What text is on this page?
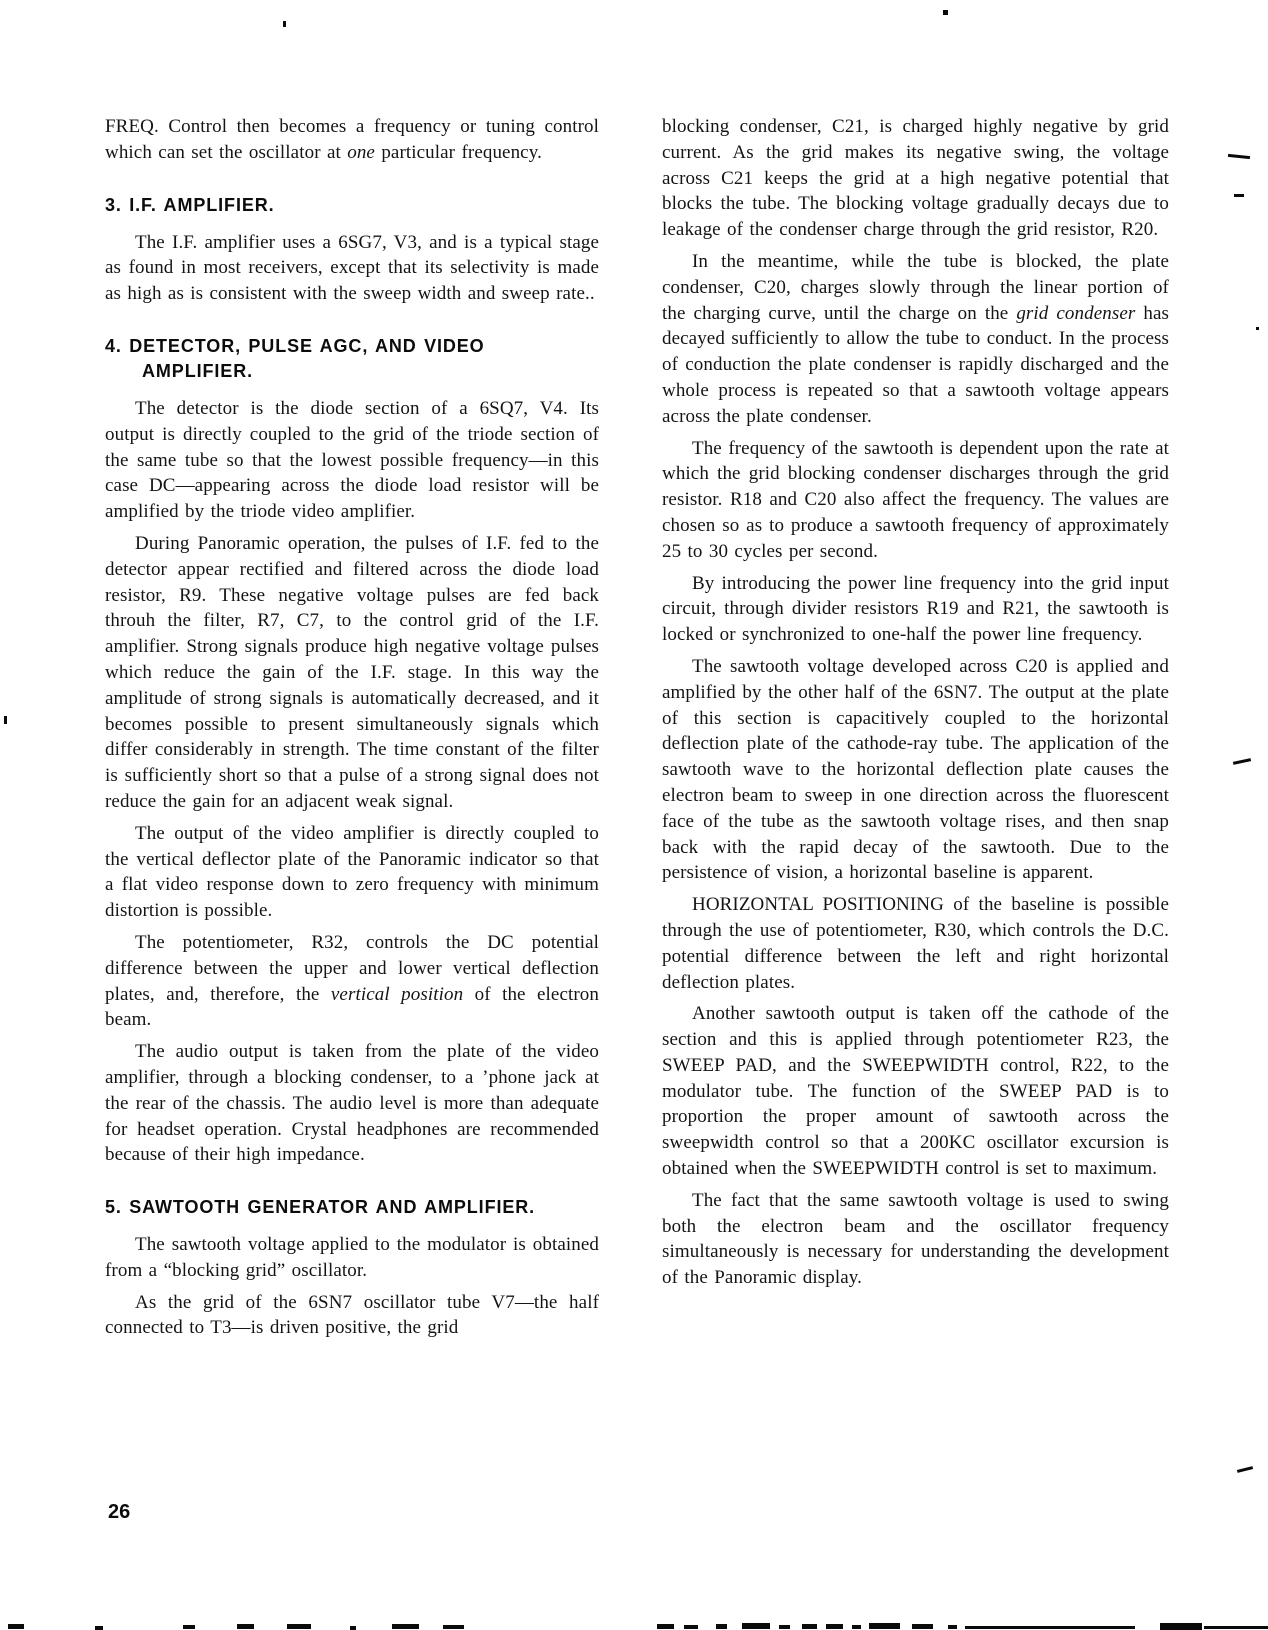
FREQ. Control then becomes a frequency or tuning control which can set the oscillator at one particular frequency.

3. I.F. AMPLIFIER.

The I.F. amplifier uses a 6SG7, V3, and is a typical stage as found in most receivers, except that its selectivity is made as high as is consistent with the sweep width and sweep rate..

4. DETECTOR, PULSE AGC, AND VIDEO
AMPLIFIER.

The detector is the diode section of a 6SQ7, V4. Its output is directly coupled to the grid of the triode section of the same tube so that the lowest possible frequency—in this case DC—appearing across the diode load resistor will be amplified by the triode video amplifier.

During Panoramic operation, the pulses of I.F. fed to the detector appear rectified and filtered across the diode load resistor, R9. These negative voltage pulses are fed back throuh the filter, R7, C7, to the control grid of the I.F. amplifier. Strong signals produce high negative voltage pulses which reduce the gain of the I.F. stage. In this way the amplitude of strong signals is automatically decreased, and it becomes possible to present simultaneously signals which differ considerably in strength. The time constant of the filter is sufficiently short so that a pulse of a strong signal does not reduce the gain for an adjacent weak signal.

The output of the video amplifier is directly coupled to the vertical deflector plate of the Panoramic indicator so that a flat video response down to zero frequency with minimum distortion is possible.

The potentiometer, R32, controls the DC potential difference between the upper and lower vertical deflection plates, and, therefore, the vertical position of the electron beam.

The audio output is taken from the plate of the video amplifier, through a blocking condenser, to a ’phone jack at the rear of the chassis. The audio level is more than adequate for headset operation. Crystal headphones are recommended because of their high impedance.

5. SAWTOOTH GENERATOR AND AMPLIFIER.

The sawtooth voltage applied to the modulator is obtained from a “blocking grid” oscillator.

As the grid of the 6SN7 oscillator tube V7—the half connected to T3—is driven positive, the grid

blocking condenser, C21, is charged highly negative by grid current. As the grid makes its negative swing, the voltage across C21 keeps the grid at a high negative potential that blocks the tube. The blocking voltage gradually decays due to leakage of the condenser charge through the grid resistor, R20.

In the meantime, while the tube is blocked, the plate condenser, C20, charges slowly through the linear portion of the charging curve, until the charge on the grid condenser has decayed sufficiently to allow the tube to conduct. In the process of conduction the plate condenser is rapidly discharged and the whole process is repeated so that a sawtooth voltage appears across the plate condenser.

The frequency of the sawtooth is dependent upon the rate at which the grid blocking condenser discharges through the grid resistor. R18 and C20 also affect the frequency. The values are chosen so as to produce a sawtooth frequency of approximately 25 to 30 cycles per second.

By introducing the power line frequency into the grid input circuit, through divider resistors R19 and R21, the sawtooth is locked or synchronized to one-half the power line frequency.

The sawtooth voltage developed across C20 is applied and amplified by the other half of the 6SN7. The output at the plate of this section is capacitively coupled to the horizontal deflection plate of the cathode-ray tube. The application of the sawtooth wave to the horizontal deflection plate causes the electron beam to sweep in one direction across the fluorescent face of the tube as the sawtooth voltage rises, and then snap back with the rapid decay of the sawtooth. Due to the persistence of vision, a horizontal baseline is apparent.

HORIZONTAL POSITIONING of the baseline is possible through the use of potentiometer, R30, which controls the D.C. potential difference between the left and right horizontal deflection plates.

Another sawtooth output is taken off the cathode of the section and this is applied through potentiometer R23, the SWEEP PAD, and the SWEEPWIDTH control, R22, to the modulator tube. The function of the SWEEP PAD is to proportion the proper amount of sawtooth across the sweepwidth control so that a 200KC oscillator excursion is obtained when the SWEEPWIDTH control is set to maximum.

The fact that the same sawtooth voltage is used to swing both the electron beam and the oscillator frequency simultaneously is necessary for understanding the development of the Panoramic display.

26
